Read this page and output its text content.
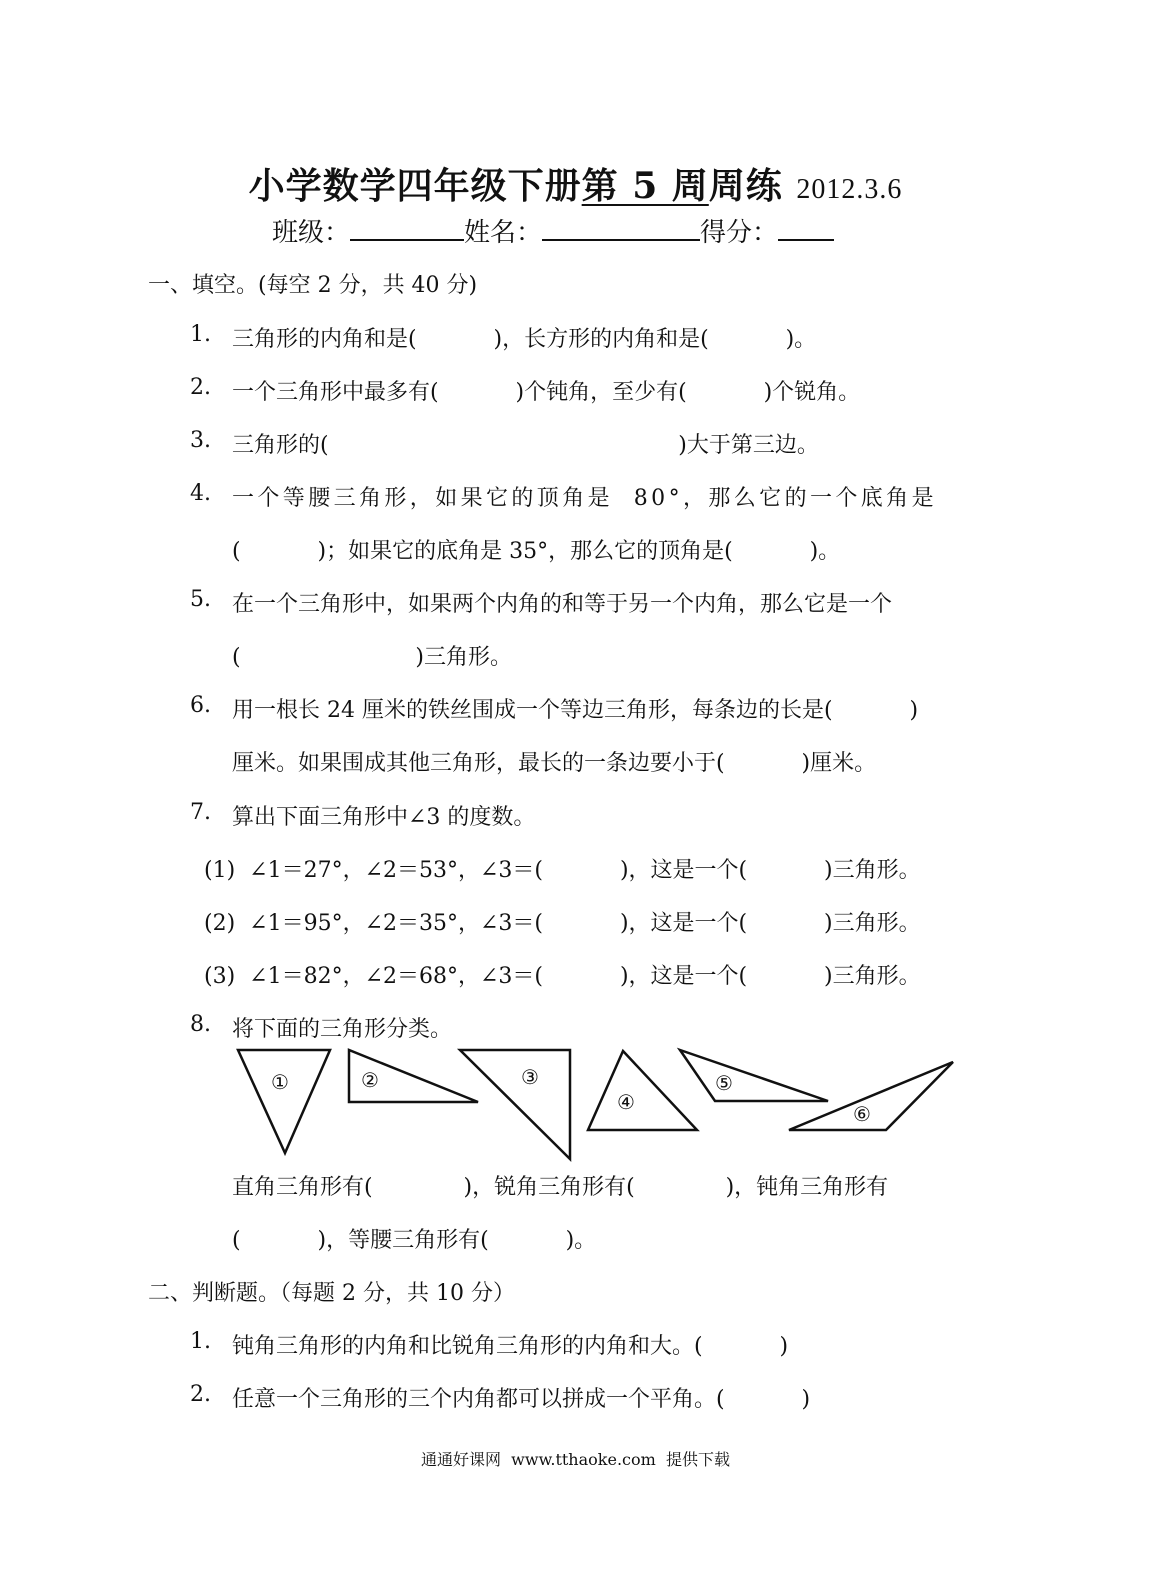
小学数学四年级下册第 5 周周练 2012.3.6
班级：	姓名：	得分：
一、填空。(每空 2 分，共 40 分)
1. 三角形的内角和是(           )，长方形的内角和是(           )。
2. 一个三角形中最多有(           )个钝角，至少有(           )个锐角。
3. 三角形的(                                                  )大于第三边。
4. 一个等腰三角形，如果它的顶角是  80°，那么它的一个底角是
(           )；如果它的底角是 35°，那么它的顶角是(           )。
5. 在一个三角形中，如果两个内角的和等于另一个内角，那么它是一个
(                         )三角形。
6. 用一根长 24 厘米的铁丝围成一个等边三角形，每条边的长是(           )
厘米。如果围成其他三角形，最长的一条边要小于(           )厘米。
7. 算出下面三角形中∠3 的度数。
(1)  ∠1＝27°，∠2＝53°，∠3＝(           )，这是一个(           )三角形。
(2)  ∠1＝95°，∠2＝35°，∠3＝(           )，这是一个(           )三角形。
(3)  ∠1＝82°，∠2＝68°，∠3＝(           )，这是一个(           )三角形。
8. 将下面的三角形分类。
①	②	③
④
⑤
⑥
直角三角形有(             )，锐角三角形有(             )，钝角三角形有
(           )，等腰三角形有(           )。
二、判断题。（每题 2 分，共 10 分）
1. 钝角三角形的内角和比锐角三角形的内角和大。(           )
2. 任意一个三角形的三个内角都可以拼成一个平角。(           )
通通好课网  www.tthaoke.com  提供下载
